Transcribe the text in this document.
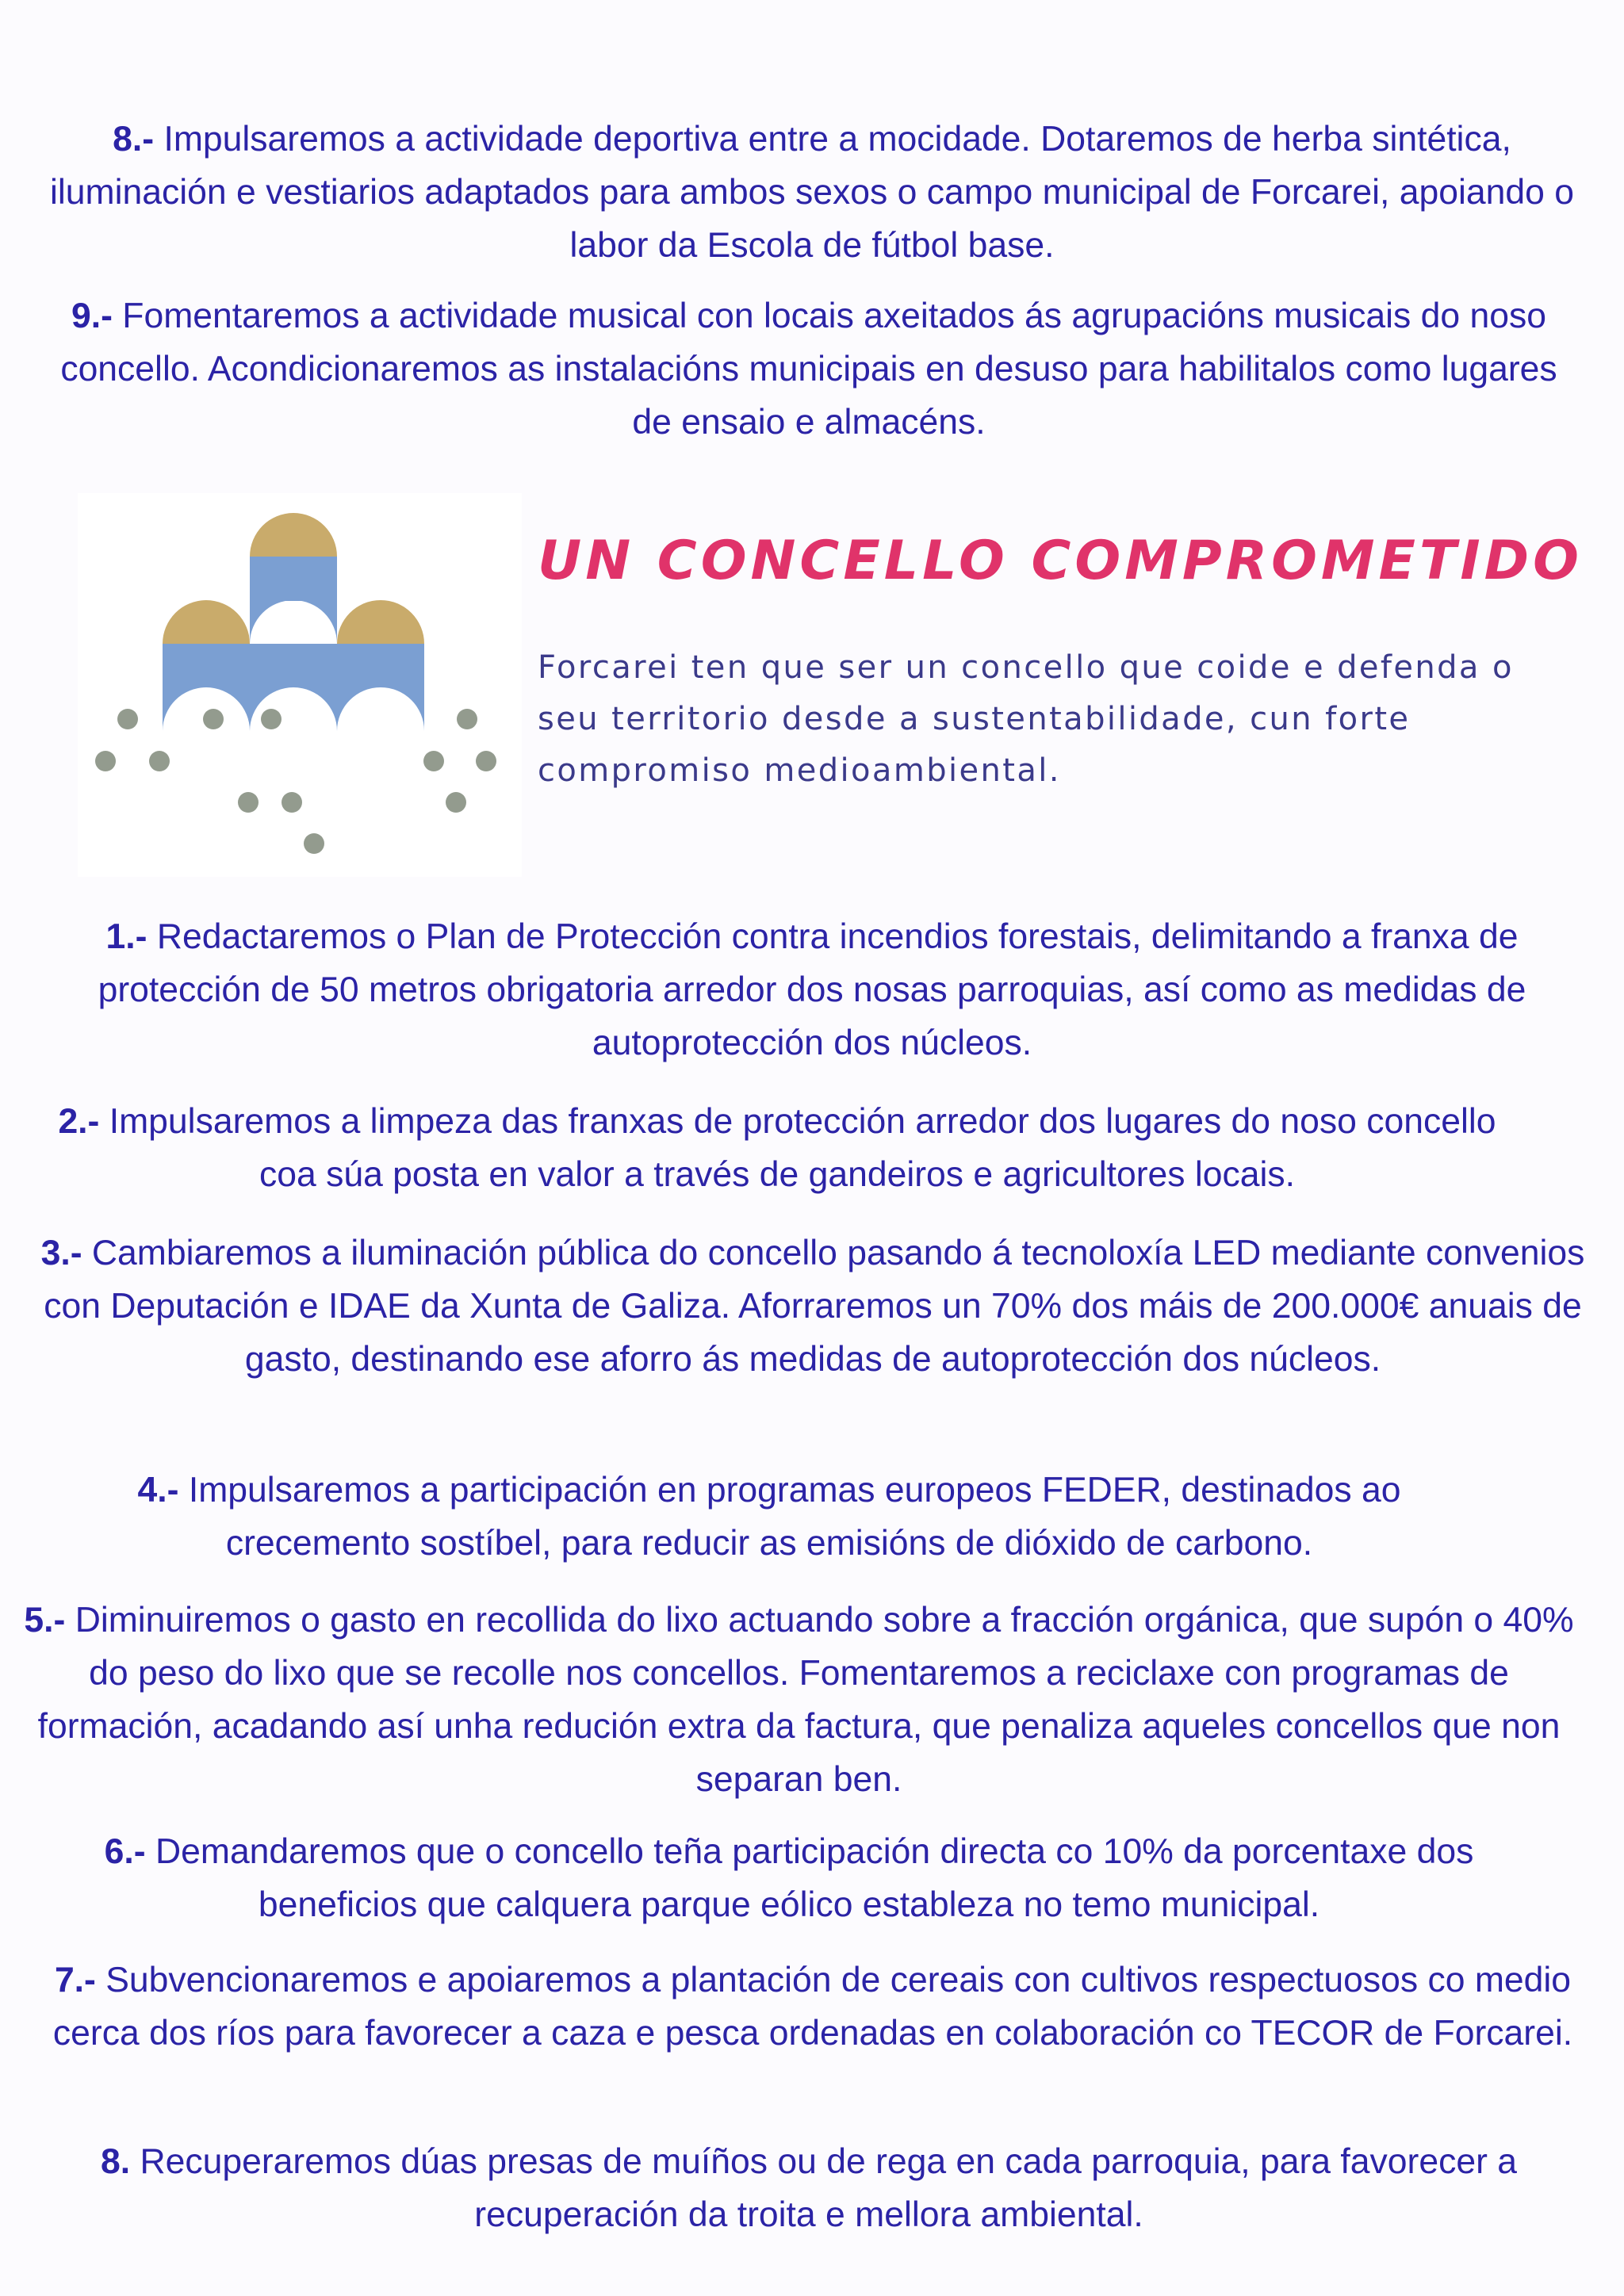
8.- Impulsaremos a actividade deportiva entre a mocidade. Dotaremos de herba sintética, iluminación e vestiarios adaptados para ambos sexos o campo municipal de Forcarei, apoiando o labor da Escola de fútbol base.

9.- Fomentaremos a actividade musical con locais axeitados ás agrupacións musicais do noso concello. Acondicionaremos as instalacións municipais en desuso para habilitalos como lugares de ensaio e almacéns.

UN CONCELLO COMPROMETIDO

Forcarei ten que ser un concello que coide e defenda o seu territorio desde a sustentabilidade, cun forte compromiso medioambiental.

1.- Redactaremos o Plan de Protección contra incendios forestais, delimitando a franxa de protección de 50 metros obrigatoria arredor dos nosas parroquias, así como as medidas de autoprotección dos núcleos.

2.- Impulsaremos a limpeza das franxas de protección arredor dos lugares do noso concello coa súa posta en valor a través de gandeiros e agricultores locais.

3.- Cambiaremos a iluminación pública do concello pasando á tecnoloxía LED mediante convenios con Deputación e IDAE da Xunta de Galiza. Aforraremos un 70% dos máis de 200.000€ anuais de gasto, destinando ese aforro ás medidas de autoprotección dos núcleos.

4.- Impulsaremos a participación en programas europeos FEDER, destinados ao crecemento sostíbel, para reducir as emisións de dióxido de carbono.

5.- Diminuiremos o gasto en recollida do lixo actuando sobre a fracción orgánica, que supón o 40% do peso do lixo que se recolle nos concellos. Fomentaremos a reciclaxe con programas de formación, acadando así unha redución extra da factura, que penaliza aqueles concellos que non separan ben.

6.- Demandaremos que o concello teña participación directa co 10% da porcentaxe dos beneficios que calquera parque eólico estableza no temo municipal.

7.- Subvencionaremos e apoiaremos a plantación de cereais con cultivos respectuosos co medio cerca dos ríos para favorecer a caza e pesca ordenadas en colaboración co TECOR de Forcarei.

8. Recuperaremos dúas presas de muíños ou de rega en cada parroquia, para favorecer a recuperación da troita e mellora ambiental.
